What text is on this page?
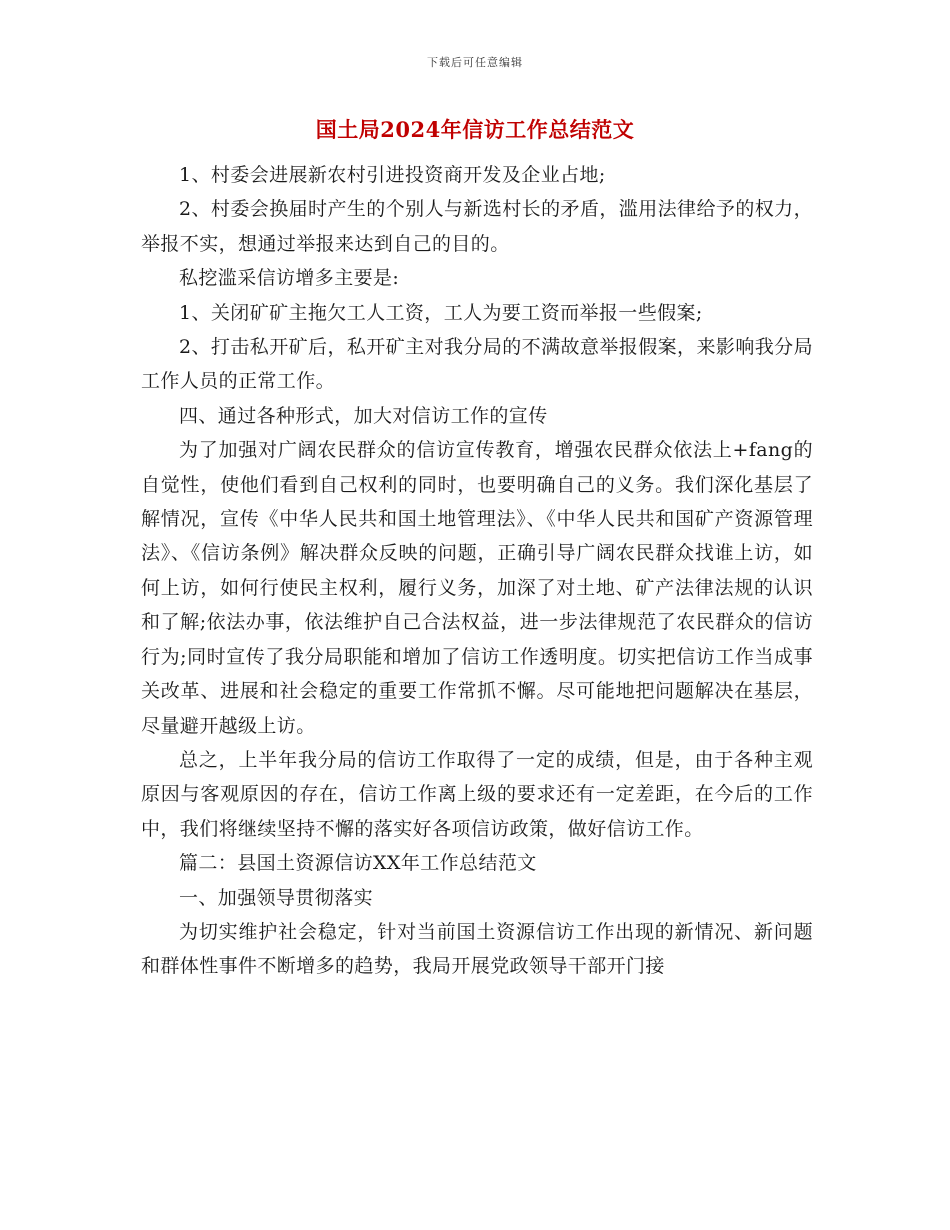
下载后可任意编辑
国土局2024年信访工作总结范文

1、村委会进展新农村引进投资商开发及企业占地;

2、村委会换届时产生的个别人与新选村长的矛盾，滥用法律给予的权力，举报不实，想通过举报来达到自己的目的。

私挖滥采信访增多主要是:

1、关闭矿矿主拖欠工人工资，工人为要工资而举报一些假案;

2、打击私开矿后，私开矿主对我分局的不满故意举报假案，来影响我分局工作人员的正常工作。

四、通过各种形式，加大对信访工作的宣传

为了加强对广阔农民群众的信访宣传教育，增强农民群众依法上+fang的自觉性，使他们看到自己权利的同时，也要明确自己的义务。我们深化基层了解情况，宣传《中华人民共和国土地管理法》、《中华人民共和国矿产资源管理法》、《信访条例》解决群众反映的问题，正确引导广阔农民群众找谁上访，如何上访，如何行使民主权利，履行义务，加深了对土地、矿产法律法规的认识和了解;依法办事，依法维护自己合法权益，进一步法律规范了农民群众的信访行为;同时宣传了我分局职能和增加了信访工作透明度。切实把信访工作当成事关改革、进展和社会稳定的重要工作常抓不懈。尽可能地把问题解决在基层，尽量避开越级上访。

总之，上半年我分局的信访工作取得了一定的成绩，但是，由于各种主观原因与客观原因的存在，信访工作离上级的要求还有一定差距，在今后的工作中，我们将继续坚持不懈的落实好各项信访政策，做好信访工作。

篇二：县国土资源信访XX年工作总结范文

一、加强领导贯彻落实

为切实维护社会稳定，针对当前国土资源信访工作出现的新情况、新问题和群体性事件不断增多的趋势，我局开展党政领导干部开门接
